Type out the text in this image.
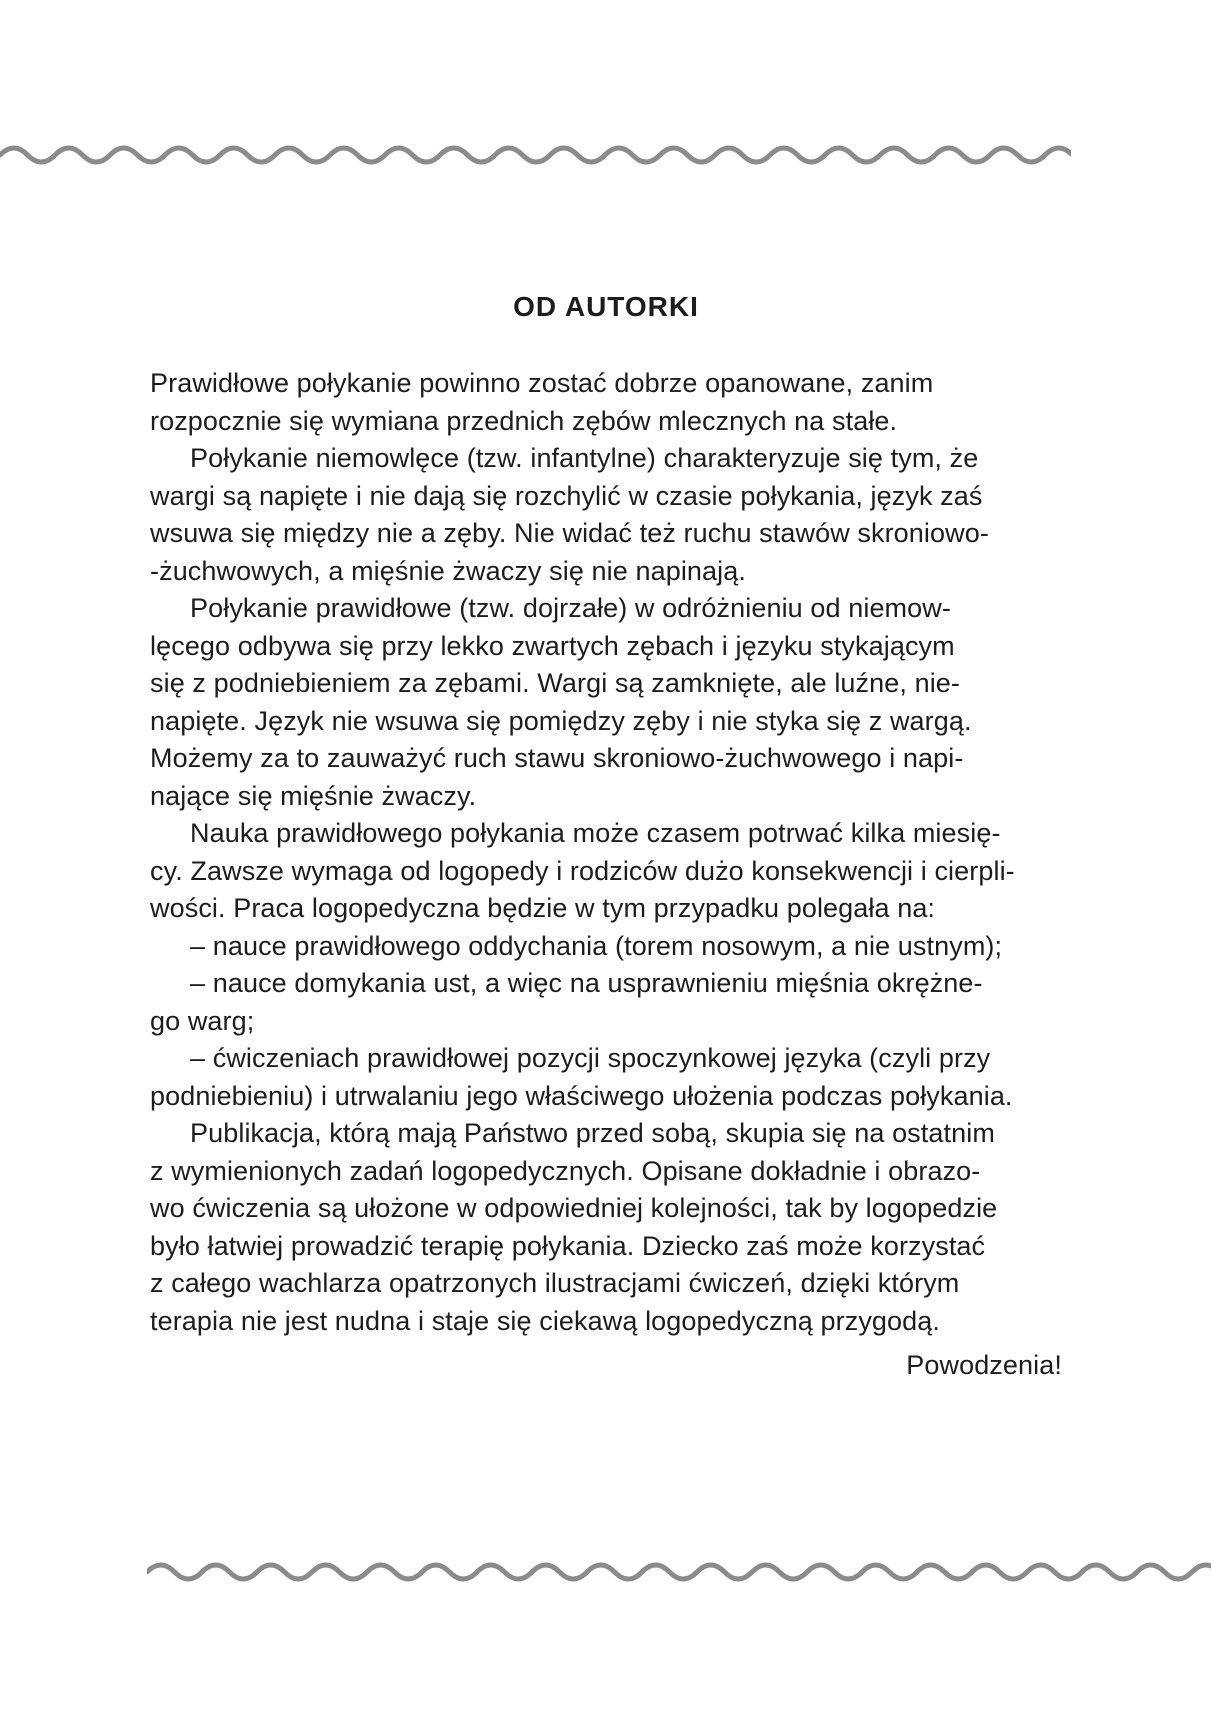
OD AUTORKI
Prawidłowe połykanie powinno zostać dobrze opanowane, zanim
rozpocznie się wymiana przednich zębów mlecznych na stałe.
Połykanie niemowlęce (tzw. infantylne) charakteryzuje się tym, że
wargi są napięte i nie dają się rozchylić w czasie połykania, język zaś
wsuwa się między nie a zęby. Nie widać też ruchu stawów skroniowo-
-żuchwowych, a mięśnie żwaczy się nie napinają.
Połykanie prawidłowe (tzw. dojrzałe) w odróżnieniu od niemow-
lęcego odbywa się przy lekko zwartych zębach i języku stykającym
się z podniebieniem za zębami. Wargi są zamknięte, ale luźne, nie-
napięte. Język nie wsuwa się pomiędzy zęby i nie styka się z wargą.
Możemy za to zauważyć ruch stawu skroniowo-żuchwowego i napi-
nające się mięśnie żwaczy.
Nauka prawidłowego połykania może czasem potrwać kilka miesię-
cy. Zawsze wymaga od logopedy i rodziców dużo konsekwencji i cierpli-
wości. Praca logopedyczna będzie w tym przypadku polegała na:
– nauce prawidłowego oddychania (torem nosowym, a nie ustnym);
– nauce domykania ust, a więc na usprawnieniu mięśnia okrężne-
go warg;
– ćwiczeniach prawidłowej pozycji spoczynkowej języka (czyli przy
podniebieniu) i utrwalaniu jego właściwego ułożenia podczas połykania.
Publikacja, którą mają Państwo przed sobą, skupia się na ostatnim
z wymienionych zadań logopedycznych. Opisane dokładnie i obrazo-
wo ćwiczenia są ułożone w odpowiedniej kolejności, tak by logopedzie
było łatwiej prowadzić terapię połykania. Dziecko zaś może korzystać
z całego wachlarza opatrzonych ilustracjami ćwiczeń, dzięki którym
terapia nie jest nudna i staje się ciekawą logopedyczną przygodą.
Powodzenia!
